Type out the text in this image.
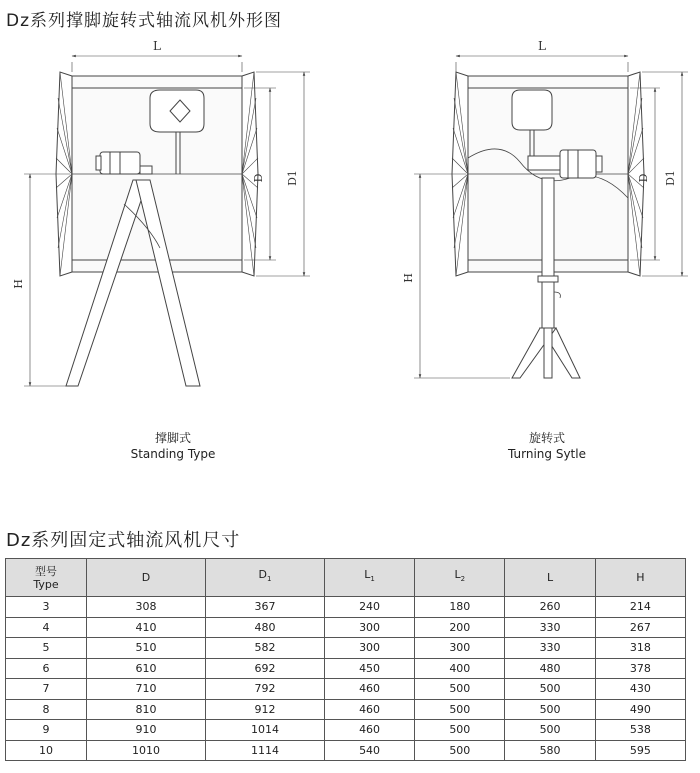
Dz系列撑脚旋转式轴流风机外形图
L
D D1
H
L
D D1
H
撑脚式
Standing Type
旋转式
Turning Sytle
Dz系列固定式轴流风机尺寸
型号
Type	D	$D_1$	$L_1$	$L_2$	L	H
3	308	367	240	180	260	214
4	410	480	300	200	330	267
5	510	582	300	300	330	318
6	610	692	450	400	480	378
7	710	792	460	500	500	430
8	810	912	460	500	500	490
9	910	1014	460	500	500	538
10	1010	1114	540	500	580	595
